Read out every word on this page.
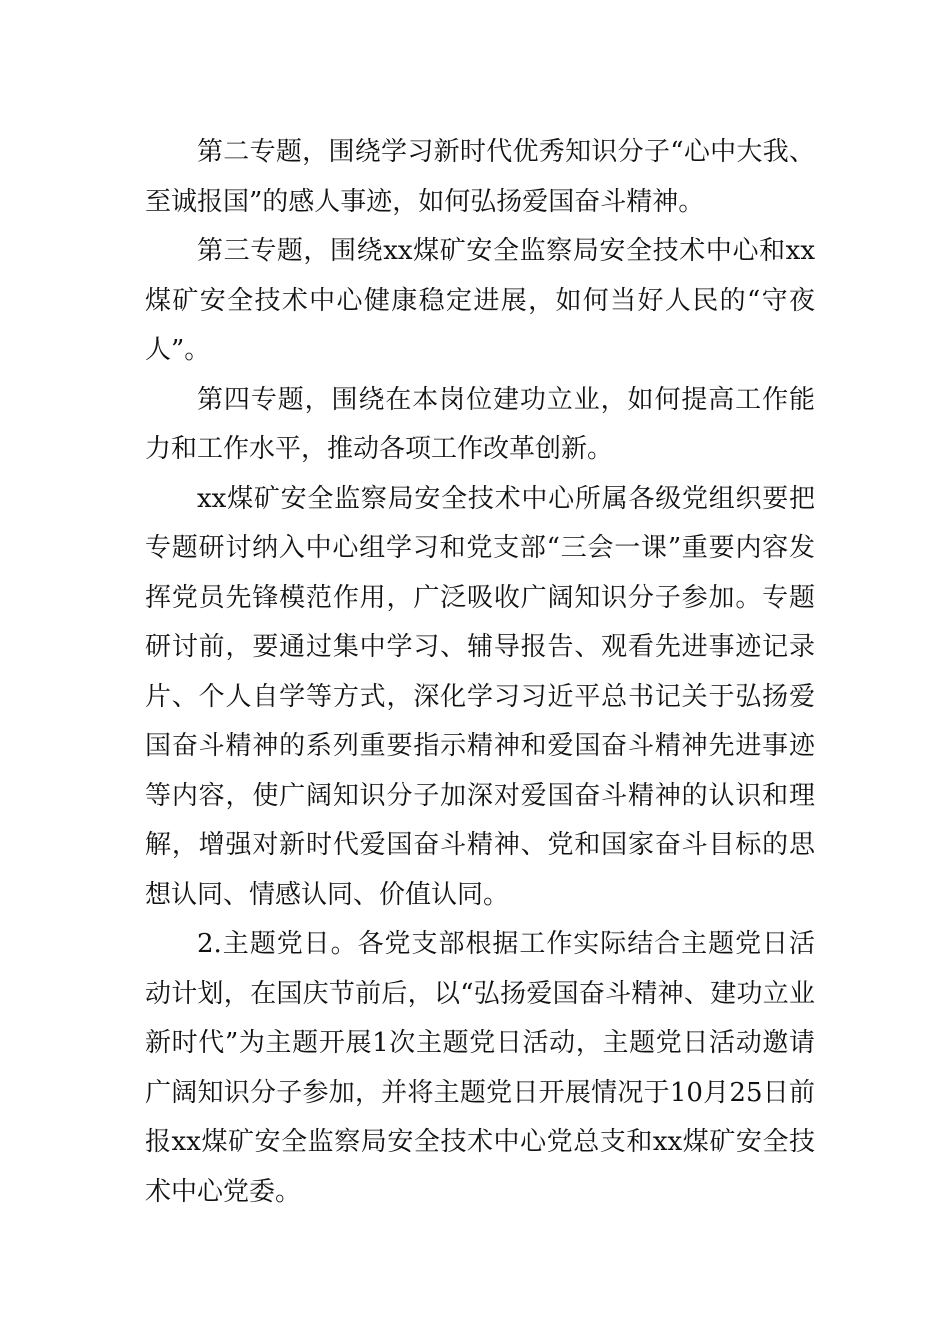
第二专题，围绕学习新时代优秀知识分子“心中大我、至诚报国”的感人事迹，如何弘扬爱国奋斗精神。

第三专题，围绕xx煤矿安全监察局安全技术中心和xx煤矿安全技术中心健康稳定进展，如何当好人民的“守夜人”。

第四专题，围绕在本岗位建功立业，如何提高工作能力和工作水平，推动各项工作改革创新。

xx煤矿安全监察局安全技术中心所属各级党组织要把专题研讨纳入中心组学习和党支部“三会一课”重要内容发挥党员先锋模范作用，广泛吸收广阔知识分子参加。专题研讨前，要通过集中学习、辅导报告、观看先进事迹记录片、个人自学等方式，深化学习习近平总书记关于弘扬爱国奋斗精神的系列重要指示精神和爱国奋斗精神先进事迹等内容，使广阔知识分子加深对爱国奋斗精神的认识和理解，增强对新时代爱国奋斗精神、党和国家奋斗目标的思想认同、情感认同、价值认同。

2.主题党日。各党支部根据工作实际结合主题党日活动计划，在国庆节前后，以“弘扬爱国奋斗精神、建功立业新时代”为主题开展1次主题党日活动，主题党日活动邀请广阔知识分子参加，并将主题党日开展情况于10月25日前报xx煤矿安全监察局安全技术中心党总支和xx煤矿安全技术中心党委。
